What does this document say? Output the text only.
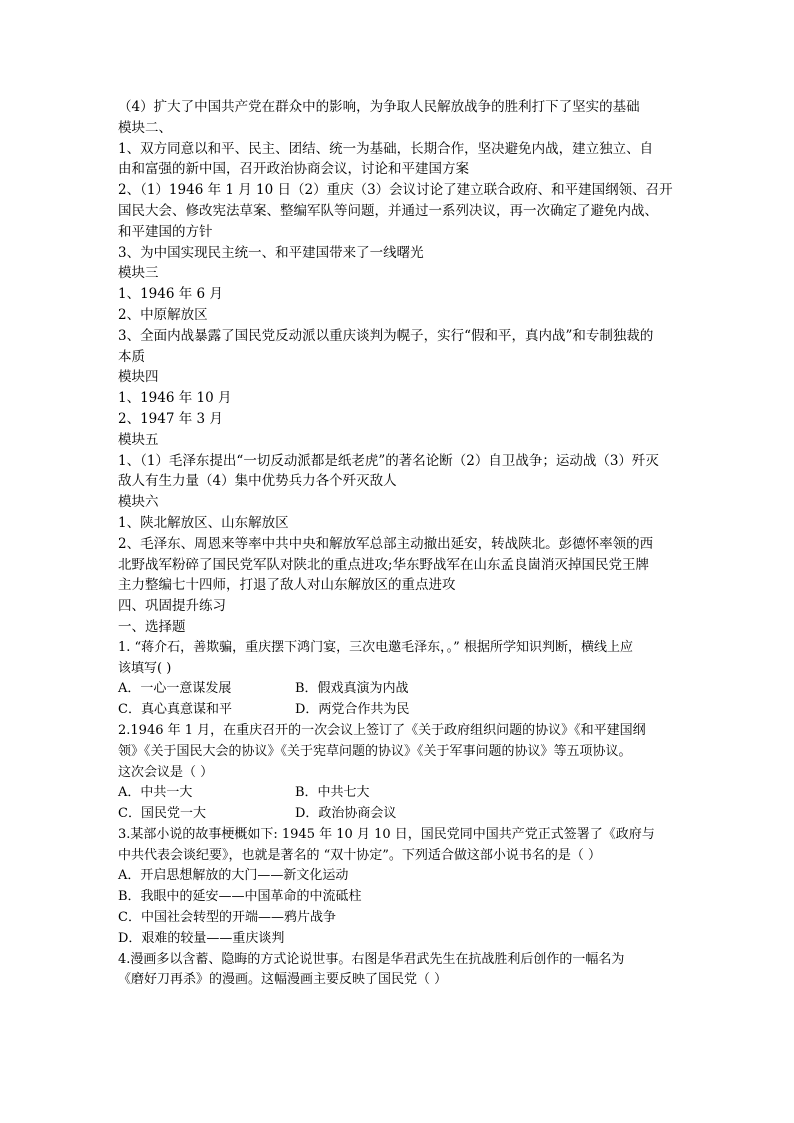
（4）扩大了中国共产党在群众中的影响，为争取人民解放战争的胜利打下了坚实的基础
模块二、
1、双方同意以和平、民主、团结、统一为基础，长期合作，坚决避免内战，建立独立、自
由和富强的新中国，召开政治协商会议，讨论和平建国方案
2、（1）1946 年 1 月 10 日（2）重庆（3）会议讨论了建立联合政府、和平建国纲领、召开
国民大会、修改宪法草案、整编军队等问题，并通过一系列决议，再一次确定了避免内战、
和平建国的方针
3、为中国实现民主统一、和平建国带来了一线曙光
模块三
1、1946 年 6 月
2、中原解放区
3、全面内战暴露了国民党反动派以重庆谈判为幌子，实行“假和平，真内战”和专制独裁的
本质
模块四
1、1946 年 10 月
2、1947 年 3 月
模块五
1、（1）毛泽东提出“一切反动派都是纸老虎”的著名论断（2）自卫战争；运动战（3）歼灭
敌人有生力量（4）集中优势兵力各个歼灭敌人
模块六
1、陕北解放区、山东解放区
2、毛泽东、周恩来等率中共中央和解放军总部主动撤出延安，转战陕北。彭德怀率领的西
北野战军粉碎了国民党军队对陕北的重点进攻;华东野战军在山东孟良崮消灭掉国民党王牌
主力整编七十四师，打退了敌人对山东解放区的重点进攻
四、巩固提升练习
一、选择题
1. “蒋介石，善欺骗，重庆摆下鸿门宴，三次电邀毛泽东，。” 根据所学知识判断，横线上应
该填写( )
A．一心一意谋发展	B．假戏真演为内战
C．真心真意谋和平	D．两党合作共为民
2.1946 年 1 月，在重庆召开的一次会议上签订了《关于政府组织问题的协议》《和平建国纲
领》《关于国民大会的协议》《关于宪草问题的协议》《关于军事问题的协议》等五项协议。
这次会议是（ ）
A．中共一大	B．中共七大
C．国民党一大	D．政治协商会议
3.某部小说的故事梗概如下: 1945 年 10 月 10 日，国民党同中国共产党正式签署了《政府与
中共代表会谈纪要》，也就是著名的 “双十协定”。下列适合做这部小说书名的是（ ）
A．开启思想解放的大门——新文化运动
B．我眼中的延安——中国革命的中流砥柱
C．中国社会转型的开端——鸦片战争
D．艰难的较量——重庆谈判
4.漫画多以含蓄、隐晦的方式论说世事。右图是华君武先生在抗战胜利后创作的一幅名为
《磨好刀再杀》的漫画。这幅漫画主要反映了国民党（ ）
